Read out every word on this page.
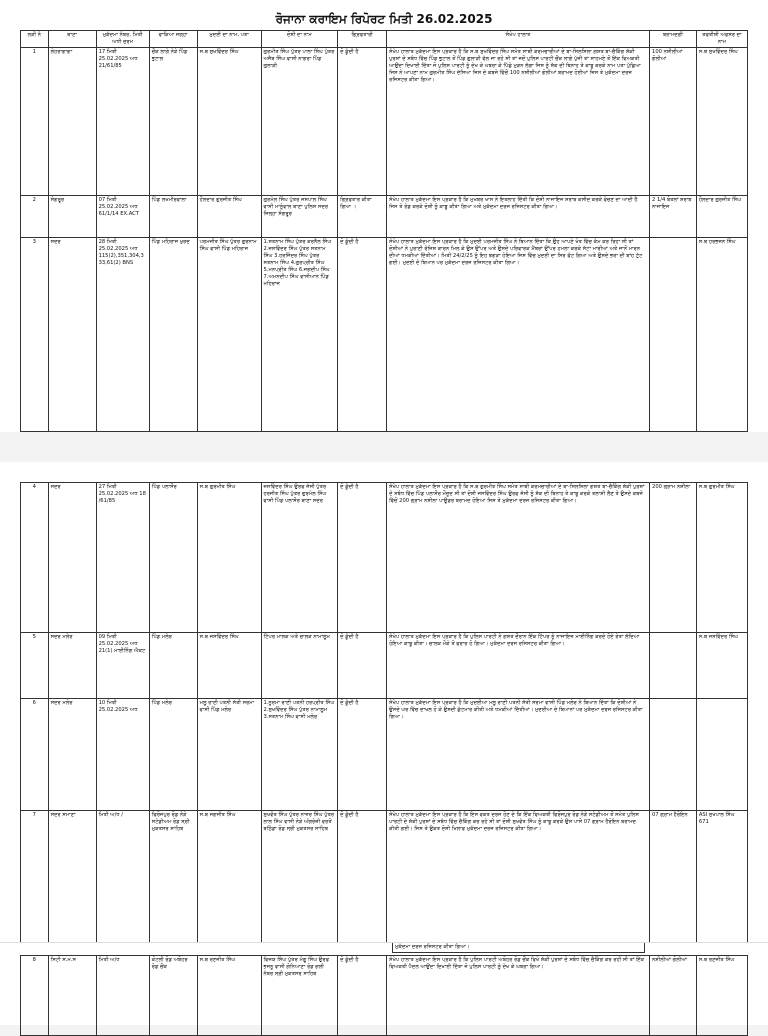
ਰੋਜਾਨਾ ਕਰਾਇਮ ਰਿਪੋਰਟ ਮਿਤੀ 26.02.2025
ਲੜੀ ਨੰ	ਥਾਣਾ	ਮੁਕੱਦਮਾ ਨੰਬਰ, ਮਿਤੀ ਅਧੀ ਜੁਰਮ	ਵਾਕਿਆ ਜਗ੍ਹਾ	ਮੁਦਈ ਦਾ ਨਾਮ, ਪਤਾ	ਦੋਸ਼ੀ ਦਾ ਨਾਮ	ਗ੍ਰਿਫਤਾਰੀ	ਸੰਖੇਪ ਹਾਲਾਤ	ਬਰਾਮਦਗੀ	ਤਫਤੀਸ਼ੀ ਅਫਸਰ ਦਾ ਨਾਮ
1	ਲੇਹਰਾਗਾਗਾ	17 ਮਿਤੀ 25.02.2025 ਅਧ 21/61/85	ਚੌਂਕ ਲਾਗੇ ਨੇੜੇ ਪਿੰਡ ਭੁਟਾਲ	ਸ.ਥ ਸੁਖਵਿੰਦਰ ਸਿੰਘ	ਗੁਰਮੀਤ ਸਿੰਘ ਪੁੱਤਰ ਪਾਲਾ ਸਿੰਘ ਪੁੱਤਰ ਅਜੈਬ ਸਿੰਘ ਵਾਸੀ ਨਾਗਰਾ ਪਿੰਡ ਗੁਲਾੜੀ	ਦੋ ਕੂੰਦੀ ਹੈ	ਸੰਖੇਪ ਹਾਲਾਤ ਮੁਕੱਦਮਾ ਇਸ ਪ੍ਰਕਾਰ ਹੈ ਕਿ ਸ.ਥ ਸੁਖਵਿੰਦਰ ਸਿੰਘ ਸਮੇਤ ਸਾਥੀ ਕਰਮਚਾਰੀਆਂ ਦੇ ਬਾ-ਸਿਲਸਿਲਾ ਗਸ਼ਤ ਬਾ-ਚੈਕਿੰਗ ਸ਼ੱਕੀ ਪੁਰਸ਼ਾਂ ਦੇ ਸਬੰਧ ਵਿੱਚ ਪਿੰਡ ਭੁਟਾਲ ਤੋਂ ਪਿੰਡ ਗੁਲਾੜੀ ਵੱਲ ਜਾ ਰਹੇ ਸੀ ਤਾਂ ਜਦੋਂ ਪੁਲਿਸ ਪਾਰਟੀ ਚੌਂਕ ਲਾਗੇ ਪੁੱਜੀ ਤਾਂ ਸਾਹਮਣੇ ਤੋਂ ਇੱਕ ਵਿਅਕਤੀ ਆਉਂਦਾ ਦਿਖਾਈ ਦਿੱਤਾ ਜੋ ਪੁਲਿਸ ਪਾਰਟੀ ਨੂੰ ਦੇਖ ਕੇ ਘਬਰਾ ਕੇ ਪਿੱਛੇ ਮੁੜਨ ਲੱਗਾ ਜਿਸ ਨੂੰ ਸ਼ੱਕ ਦੀ ਬਿਨਾਹ ਤੇ ਕਾਬੂ ਕਰਕੇ ਨਾਮ ਪਤਾ ਪੁੱਛਿਆ ਜਿਸ ਨੇ ਆਪਣਾ ਨਾਮ ਗੁਰਮੀਤ ਸਿੰਘ ਦੱਸਿਆ ਜਿਸ ਦੇ ਕਬਜੇ ਵਿੱਚੋਂ 100 ਨਸ਼ੀਲੀਆਂ ਗੋਲੀਆਂ ਬਰਾਮਦ ਹੋਈਆਂ ਜਿਸ ਤੇ ਮੁਕੱਦਮਾ ਦਰਜ ਰਜਿਸਟਰ ਕੀਤਾ ਗਿਆ।	100 ਨਸ਼ੀਲੀਆਂ ਗੋਲੀਆਂ	ਸ.ਥ ਸੁਖਵਿੰਦਰ ਸਿੰਘ
2	ਸੰਗਰੂਰ	07 ਮਿਤੀ 25.02.2025 ਅਧ 61/1/14 EX.ACT	ਪਿੰਡ ਲਖਮੀਰਵਾਲਾ	ਹੌਲਦਾਰ ਗੁਰਜੀਤ ਸਿੰਘ	ਗੁਰਮੇਲ ਸਿੰਘ ਪੁੱਤਰ ਜਸਪਾਲ ਸਿੰਘ ਵਾਸੀ ਮਾਨੂੰਵਾਲ ਥਾਣਾ ਪੁਲਿਸ ਸਦਰ ਜਿਲ੍ਹਾ ਸੰਗਰੂਰ	ਗ੍ਰਿਫਤਾਰ ਕੀਤਾ ਗਿਆ ।	ਸੰਖੇਪ ਹਾਲਾਤ ਮੁਕੱਦਮਾ ਇਸ ਪ੍ਰਕਾਰ ਹੈ ਕਿ ਮੁਖਬਰ ਖਾਸ ਨੇ ਇਤਲਾਹ ਦਿੱਤੀ ਕਿ ਦੋਸ਼ੀ ਨਾਜਾਇਜ ਸ਼ਰਾਬ ਕਸੀਦ ਕਰਕੇ ਵੇਚਣ ਦਾ ਆਦੀ ਹੈ ਜਿਸ ਤੇ ਰੇਡ ਕਰਕੇ ਦੋਸ਼ੀ ਨੂੰ ਕਾਬੂ ਕੀਤਾ ਗਿਆ ਅਤੇ ਮੁਕੱਦਮਾ ਦਰਜ ਰਜਿਸਟਰ ਕੀਤਾ ਗਿਆ।	2 1/4 ਬੋਤਲਾਂ ਸ਼ਰਾਬ ਨਾਜਾਇਜ	ਹੌਲਦਾਰ ਗੁਰਜੀਤ ਸਿੰਘ
3	ਸਦਰ	28 ਮਿਤੀ 25.02.2025 ਅਧ 115(2),351,304,3 33,61(2) BNS	ਪਿੰਡ ਮਹਿਰਾਜ ਖੁਰਦ	ਪਰਮਜੀਤ ਸਿੰਘ ਪੁੱਤਰ ਗੁਰਨਾਮ ਸਿੰਘ ਵਾਸੀ ਪਿੰਡ ਮਹਿਰਾਜ	1.ਸਤਨਾਮ ਸਿੰਘ ਪੁੱਤਰ ਕਰਨੈਲ ਸਿੰਘ 2.ਜਸਵਿੰਦਰ ਸਿੰਘ ਪੁੱਤਰ ਸਤਨਾਮ ਸਿੰਘ 3.ਹਰਜਿੰਦਰ ਸਿੰਘ ਪੁੱਤਰ ਸਤਨਾਮ ਸਿੰਘ 4.ਗੁਰਪ੍ਰੀਤ ਸਿੰਘ 5.ਮਨਪ੍ਰੀਤ ਸਿੰਘ 6.ਜਗਦੀਪ ਸਿੰਘ 7.ਅਮਨਦੀਪ ਸਿੰਘ ਵਾਸੀਆਨ ਪਿੰਡ ਮਹਿਰਾਜ	ਦੋ ਕੂੰਦੀ ਹੈ	ਸੰਖੇਪ ਹਾਲਾਤ ਮੁਕੱਦਮਾ ਇਸ ਪ੍ਰਕਾਰ ਹੈ ਕਿ ਮੁਦਈ ਪਰਮਜੀਤ ਸਿੰਘ ਨੇ ਬਿਆਨ ਦਿੱਤਾ ਕਿ ਉਹ ਆਪਣੇ ਖੇਤ ਵਿੱਚ ਕੰਮ ਕਰ ਰਿਹਾ ਸੀ ਤਾਂ ਦੋਸ਼ੀਆਂ ਨੇ ਪੁਰਾਣੀ ਰੰਜਿਸ਼ ਕਾਰਨ ਮਿਲ ਕੇ ਉਸ ਉੱਪਰ ਅਤੇ ਉਸਦੇ ਪਰਿਵਾਰਕ ਮੈਂਬਰਾਂ ਉੱਪਰ ਹਮਲਾ ਕਰਕੇ ਸੱਟਾਂ ਮਾਰੀਆਂ ਅਤੇ ਜਾਨੋਂ ਮਾਰਨ ਦੀਆਂ ਧਮਕੀਆਂ ਦਿੱਤੀਆਂ। ਮਿਤੀ 24/2/25 ਨੂੰ ਇਹ ਝਗੜਾ ਹੋਇਆ ਜਿਸ ਵਿੱਚ ਮੁਦਈ ਦਾ ਸਿਰ ਫੱਟ ਗਿਆ ਅਤੇ ਉਸਦੇ ਭਰਾ ਦੀ ਬਾਂਹ ਟੁੱਟ ਗਈ। ਮੁਦਈ ਦੇ ਬਿਆਨ ਪਰ ਮੁਕੱਦਮਾ ਦਰਜ ਰਜਿਸਟਰ ਕੀਤਾ ਗਿਆ।		ਸ.ਥ ਹਰਭਜਨ ਸਿੰਘ
4	ਸਦਰ	27 ਮਿਤੀ 25.02.2025 ਅਧ 18 /61/85	ਪਿੰਡ ਪਲਾਸੌਰ	ਸ.ਥ ਗੁਰਮੀਤ ਸਿੰਘ	ਜਸਵਿੰਦਰ ਸਿੰਘ ਉਰਫ ਜੱਸੀ ਪੁੱਤਰ ਹਰਜੀਤ ਸਿੰਘ ਪੁੱਤਰ ਗੁਰਮੇਲ ਸਿੰਘ ਵਾਸੀ ਪਿੰਡ ਪਲਾਸੌਰ ਥਾਣਾ ਸਦਰ	ਦੋ ਕੂੰਦੀ ਹੈ	ਸੰਖੇਪ ਹਾਲਾਤ ਮੁਕੱਦਮਾ ਇਸ ਪ੍ਰਕਾਰ ਹੈ ਕਿ ਸ.ਥ ਗੁਰਮੀਤ ਸਿੰਘ ਸਮੇਤ ਸਾਥੀ ਕਰਮਚਾਰੀਆਂ ਦੇ ਬਾ-ਸਿਲਸਿਲਾ ਗਸ਼ਤ ਬਾ-ਚੈਕਿੰਗ ਸ਼ੱਕੀ ਪੁਰਸ਼ਾਂ ਦੇ ਸਬੰਧ ਵਿੱਚ ਪਿੰਡ ਪਲਾਸੌਰ ਮੌਜੂਦ ਸੀ ਤਾਂ ਦੋਸ਼ੀ ਜਸਵਿੰਦਰ ਸਿੰਘ ਉਰਫ ਜੱਸੀ ਨੂੰ ਸ਼ੱਕ ਦੀ ਬਿਨਾਹ ਤੇ ਕਾਬੂ ਕਰਕੇ ਤਲਾਸ਼ੀ ਲੈਣ ਤੇ ਉਸਦੇ ਕਬਜੇ ਵਿੱਚੋਂ 200 ਗ੍ਰਾਮ ਨਸ਼ੀਲਾ ਪਾਊਡਰ ਬਰਾਮਦ ਹੋਇਆ ਜਿਸ ਤੇ ਮੁਕੱਦਮਾ ਦਰਜ ਰਜਿਸਟਰ ਕੀਤਾ ਗਿਆ।	200 ਗ੍ਰਾਮ ਨਸ਼ੀਲਾ	ਸ.ਥ ਗੁਰਮੀਤ ਸਿੰਘ
5	ਸਦਰ ਮਲੇਰ	09 ਮਿਤੀ 25.02.2025 ਅਧ 21(1) ਮਾਈਨਿੰਗ ਐਕਟ	ਪਿੰਡ ਮਲੇਰ	ਸ.ਥ ਜਸਵਿੰਦਰ ਸਿੰਘ	ਟਿੱਪਰ ਮਾਲਕ ਅਤੇ ਚਾਲਕ ਨਾਮਾਲੂਮ	ਦੋ ਕੂੰਦੀ ਹੈ	ਸੰਖੇਪ ਹਾਲਾਤ ਮੁਕੱਦਮਾ ਇਸ ਪ੍ਰਕਾਰ ਹੈ ਕਿ ਪੁਲਿਸ ਪਾਰਟੀ ਨੇ ਗਸ਼ਤ ਦੌਰਾਨ ਇੱਕ ਟਿੱਪਰ ਨੂੰ ਨਾਜਾਇਜ ਮਾਈਨਿੰਗ ਕਰਦੇ ਹੋਏ ਰੇਤਾ ਲੱਦਿਆ ਹੋਇਆ ਕਾਬੂ ਕੀਤਾ। ਚਾਲਕ ਮੌਕੇ ਤੋਂ ਫਰਾਰ ਹੋ ਗਿਆ। ਮੁਕੱਦਮਾ ਦਰਜ ਰਜਿਸਟਰ ਕੀਤਾ ਗਿਆ।		ਸ.ਥ ਜਸਵਿੰਦਰ ਸਿੰਘ
6	ਸਦਰ ਮਲੇਰ	10 ਮਿਤੀ 25.02.2025 ਅਧ	ਪਿੰਡ ਮਲੇਰ	ਮਲੂ ਰਾਣੀ ਪਤਨੀ ਸੱਤੀ ਸਰਮਾ ਵਾਸੀ ਪਿੰਡ ਮਲੇਰ	1.ਨੂਰਮਾ ਰਾਣੀ ਪਤਨੀ ਹਰਪ੍ਰੀਤ ਸਿੰਘ 2.ਸੁਖਵਿੰਦਰ ਸਿੰਘ ਪੁੱਤਰ ਨਾਮਾਲੂਮ 3.ਸਤਨਾਮ ਸਿੰਘ ਵਾਸੀ ਮਲੇਰ	ਦੋ ਕੂੰਦੀ ਹੈ	ਸੰਖੇਪ ਹਾਲਾਤ ਮੁਕੱਦਮਾ ਇਸ ਪ੍ਰਕਾਰ ਹੈ ਕਿ ਮੁਦਈਆ ਮਲੂ ਰਾਣੀ ਪਤਨੀ ਸੱਤੀ ਸਰਮਾ ਵਾਸੀ ਪਿੰਡ ਮਲੇਰ ਨੇ ਬਿਆਨ ਦਿੱਤਾ ਕਿ ਦੋਸ਼ੀਆਂ ਨੇ ਉਸਦੇ ਘਰ ਵਿੱਚ ਦਾਖਲ ਹੋ ਕੇ ਉਸਦੀ ਕੁੱਟਮਾਰ ਕੀਤੀ ਅਤੇ ਧਮਕੀਆਂ ਦਿੱਤੀਆਂ। ਮੁਦਈਆ ਦੇ ਬਿਆਨਾਂ ਪਰ ਮੁਕੱਦਮਾ ਦਰਜ ਰਜਿਸਟਰ ਕੀਤਾ ਗਿਆ।		
7	ਸਦਰ ਸਮਾਣਾ	ਮਿਤੀ ਅ/ਧ /	ਫਿਰੋਜਪੁਰ ਰੋਡ ਨੇੜੇ ਸਟੇਡੀਅਮ ਰੋਡ ਸ੍ਰੀ ਮੁਕਤਸਰ ਸਾਹਿਬ	ਸ.ਥ ਜਗਜੀਤ ਸਿੰਘ	ਸੁਖਵੰਤ ਸਿੰਘ ਪੁੱਤਰ ਨਾਜਰ ਸਿੰਘ ਪੁੱਤਰ ਲਾਲ ਸਿੰਘ ਵਾਸੀ ਨੇੜੇ ਅੰਗਰੇਜ਼ੀ ਵਰਤੋਂ ਬਠਿੰਡਾ ਰੋਡ ਸ੍ਰੀ ਮੁਕਤਸਰ ਸਾਹਿਬ	ਦੋ ਕੂੰਦੀ ਹੈ	ਸੰਖੇਪ ਹਾਲਾਤ ਮੁਕੱਦਮਾ ਇਸ ਪ੍ਰਕਾਰ ਹੈ ਕਿ ਇਸ ਵਕਤ ਦਰਜ ਹੋਣ ਦੇ ਕਿ ਇੱਕ ਵਿਅਕਤੀ ਫਿਰੋਜਪੁਰ ਰੋਡ ਨੇੜੇ ਸਟੇਡੀਅਮ ਤੋਂ ਸਮੇਤ ਪੁਲਿਸ ਪਾਰਟੀ ਦੇ ਸ਼ੱਕੀ ਪੁਰਸ਼ਾਂ ਦੇ ਸਬੰਧ ਵਿੱਚ ਚੈਕਿੰਗ ਕਰ ਰਹੇ ਸੀ ਤਾਂ ਦੋਸ਼ੀ ਸੁਖਵੰਤ ਸਿੰਘ ਨੂੰ ਕਾਬੂ ਕਰਕੇ ਉਸ ਪਾਸੋਂ 07 ਗ੍ਰਾਮ ਹੈਰੋਇਨ ਬਰਾਮਦ ਕੀਤੀ ਗਈ। ਜਿਸ ਤੇ ਉਕਤ ਦੋਸ਼ੀ ਖਿਲਾਫ ਮੁਕੱਦਮਾ ਦਰਜ ਰਜਿਸਟਰ ਕੀਤਾ ਗਿਆ।	07 ਗ੍ਰਾਮ ਹੈਰੋਇਨ	ASI ਸੁਖਪਾਲ ਸਿੰਘ 671
ਮੁਕੱਦਮਾ ਦਰਜ ਰਜਿਸਟਰ ਕੀਤਾ ਗਿਆ।
8	ਸਿਟੀ ਸ.ਮ.ਸ	ਮਿਤੀ ਅ/ਧ	ਕੋਟਲੀ ਰੋਡ ਅਬੋਹਰ ਰੋਡ ਚੌਂਕ	ਸ.ਥ ਰਣਜੀਤ ਸਿੰਘ	ਵਿਜਯ ਸਿੰਘ ਪੁੱਤਰ ਮੰਗੂ ਸਿੰਘ ਉਰਫ ਭਜਨੂ ਵਾਸੀ ਗੋਨਿਆਣਾ ਰੋਡ ਗਲੀ ਨੰਬਰ ਸ੍ਰੀ ਮੁਕਤਸਰ ਸਾਹਿਬ	ਦੋ ਕੂੰਦੀ ਹੈ	ਸੰਖੇਪ ਹਾਲਾਤ ਮੁਕੱਦਮਾ ਇਸ ਪ੍ਰਕਾਰ ਹੈ ਕਿ ਪੁਲਿਸ ਪਾਰਟੀ ਅਬੋਹਰ ਰੋਡ ਚੌਂਕ ਵਿਖੇ ਸ਼ੱਕੀ ਪੁਰਸ਼ਾਂ ਦੇ ਸਬੰਧ ਵਿੱਚ ਚੈਕਿੰਗ ਕਰ ਰਹੀ ਸੀ ਤਾਂ ਇੱਕ ਵਿਅਕਤੀ ਪੈਦਲ ਆਉਂਦਾ ਦਿਖਾਈ ਦਿੱਤਾ ਜੋ ਪੁਲਿਸ ਪਾਰਟੀ ਨੂੰ ਦੇਖ ਕੇ ਘਬਰਾ ਗਿਆ।	ਨਸ਼ੀਲੀਆਂ ਗੋਲੀਆਂ	ਸ.ਥ ਰਣਜੀਤ ਸਿੰਘ
